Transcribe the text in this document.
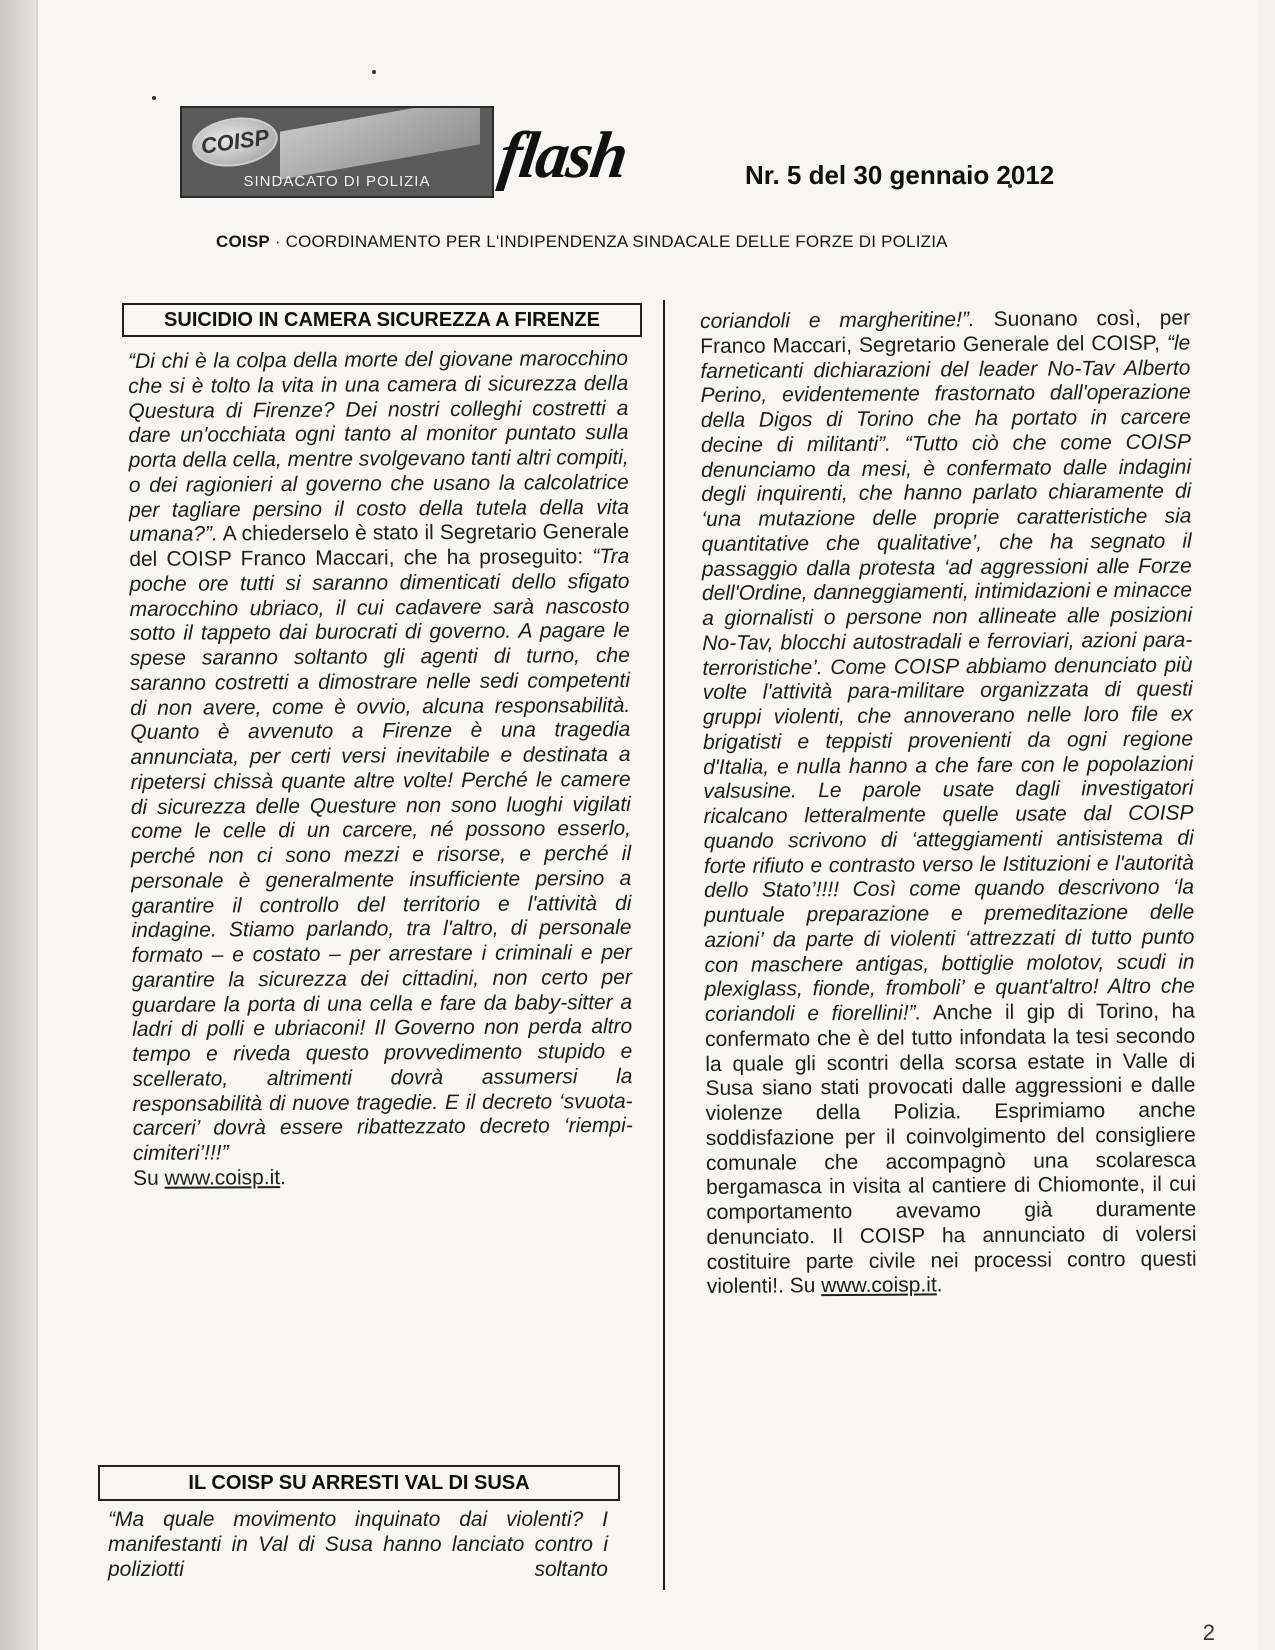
COISP
SINDACATO DI POLIZIA flash	Nr. 5 del 30 gennaio 2012
COISP · COORDINAMENTO PER L'INDIPENDENZA SINDACALE DELLE FORZE DI POLIZIA
SUICIDIO IN CAMERA SICUREZZA A FIRENZE

“Di chi è la colpa della morte del giovane marocchino che si è tolto la vita in una camera di sicurezza della Questura di Firenze? Dei nostri colleghi costretti a dare un'occhiata ogni tanto al monitor puntato sulla porta della cella, mentre svolgevano tanti altri compiti, o dei ragionieri al governo che usano la calcolatrice per tagliare persino il costo della tutela della vita umana?”. A chiederselo è stato il Segretario Generale del COISP Franco Maccari, che ha proseguito: “Tra poche ore tutti si saranno dimenticati dello sfigato marocchino ubriaco, il cui cadavere sarà nascosto sotto il tappeto dai burocrati di governo. A pagare le spese saranno soltanto gli agenti di turno, che saranno costretti a dimostrare nelle sedi competenti di non avere, come è ovvio, alcuna responsabilità. Quanto è avvenuto a Firenze è una tragedia annunciata, per certi versi inevitabile e destinata a ripetersi chissà quante altre volte! Perché le camere di sicurezza delle Questure non sono luoghi vigilati come le celle di un carcere, né possono esserlo, perché non ci sono mezzi e risorse, e perché il personale è generalmente insufficiente persino a garantire il controllo del territorio e l'attività di indagine. Stiamo parlando, tra l'altro, di personale formato – e costato – per arrestare i criminali e per garantire la sicurezza dei cittadini, non certo per guardare la porta di una cella e fare da baby-sitter a ladri di polli e ubriaconi! Il Governo non perda altro tempo e riveda questo provvedimento stupido e scellerato, altrimenti dovrà assumersi la responsabilità di nuove tragedie. E il decreto ‘svuota-carceri’ dovrà essere ribattezzato decreto ‘riempi-cimiteri’!!!”

Su www.coisp.it.

IL COISP SU ARRESTI VAL DI SUSA

“Ma quale movimento inquinato dai violenti? I manifestanti in Val di Susa hanno lanciato contro i poliziotti soltanto

coriandoli e margheritine!”. Suonano così, per Franco Maccari, Segretario Generale del COISP, “le farneticanti dichiarazioni del leader No-Tav Alberto Perino, evidentemente frastornato dall'operazione della Digos di Torino che ha portato in carcere decine di militanti”. “Tutto ciò che come COISP denunciamo da mesi, è confermato dalle indagini degli inquirenti, che hanno parlato chiaramente di ‘una mutazione delle proprie caratteristiche sia quantitative che qualitative’, che ha segnato il passaggio dalla protesta ‘ad aggressioni alle Forze dell'Ordine, danneggiamenti, intimidazioni e minacce a giornalisti o persone non allineate alle posizioni No-Tav, blocchi autostradali e ferroviari, azioni para-terroristiche’. Come COISP abbiamo denunciato più volte l'attività para-militare organizzata di questi gruppi violenti, che annoverano nelle loro file ex brigatisti e teppisti provenienti da ogni regione d'Italia, e nulla hanno a che fare con le popolazioni valsusine. Le parole usate dagli investigatori ricalcano letteralmente quelle usate dal COISP quando scrivono di ‘atteggiamenti antisistema di forte rifiuto e contrasto verso le Istituzioni e l'autorità dello Stato’!!!! Così come quando descrivono ‘la puntuale preparazione e premeditazione delle azioni’ da parte di violenti ‘attrezzati di tutto punto con maschere antigas, bottiglie molotov, scudi in plexiglass, fionde, fromboli’ e quant'altro! Altro che coriandoli e fiorellini!”. Anche il gip di Torino, ha confermato che è del tutto infondata la tesi secondo la quale gli scontri della scorsa estate in Valle di Susa siano stati provocati dalle aggressioni e dalle violenze della Polizia. Esprimiamo anche soddisfazione per il coinvolgimento del consigliere comunale che accompagnò una scolaresca bergamasca in visita al cantiere di Chiomonte, il cui comportamento avevamo già duramente denunciato. Il COISP ha annunciato di volersi costituire parte civile nei processi contro questi violenti!. Su www.coisp.it.

2
